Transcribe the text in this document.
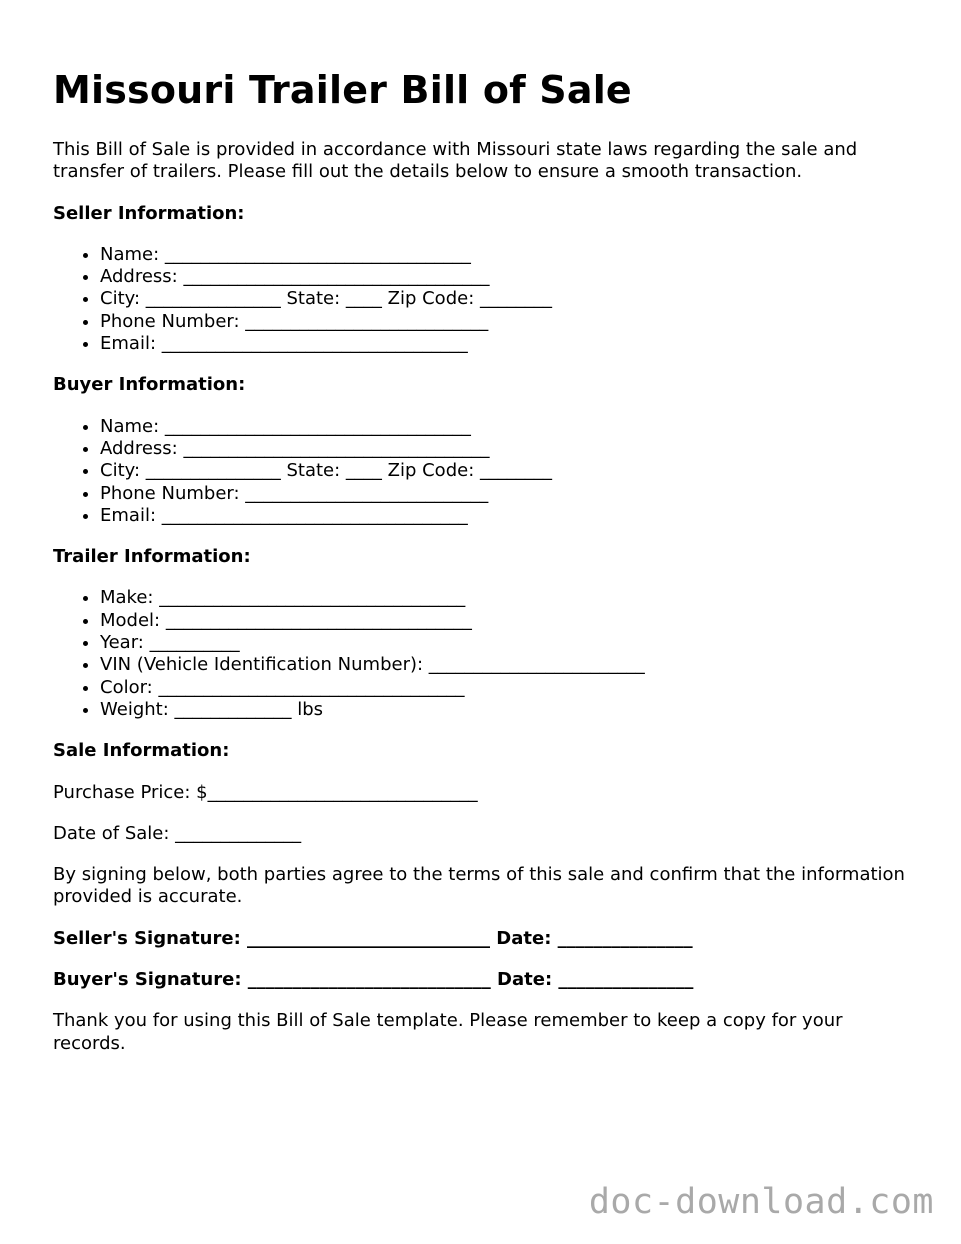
Missouri Trailer Bill of Sale

This Bill of Sale is provided in accordance with Missouri state laws regarding the sale and transfer of trailers. Please fill out the details below to ensure a smooth transaction.

Seller Information:
• Name: __________________________________
• Address: __________________________________
• City: _______________ State: ____ Zip Code: ________
• Phone Number: ___________________________
• Email: __________________________________
Buyer Information:
• Name: __________________________________
• Address: __________________________________
• City: _______________ State: ____ Zip Code: ________
• Phone Number: ___________________________
• Email: __________________________________
Trailer Information:
• Make: __________________________________
• Model: __________________________________
• Year: __________
• VIN (Vehicle Identification Number): ________________________
• Color: __________________________________
• Weight: _____________ lbs
Sale Information:

Purchase Price: $______________________________

Date of Sale: ______________

By signing below, both parties agree to the terms of this sale and confirm that the information provided is accurate.

Seller's Signature: ___________________________ Date: _______________

Buyer's Signature: ___________________________ Date: _______________

Thank you for using this Bill of Sale template. Please remember to keep a copy for your records.

doc-download.com
